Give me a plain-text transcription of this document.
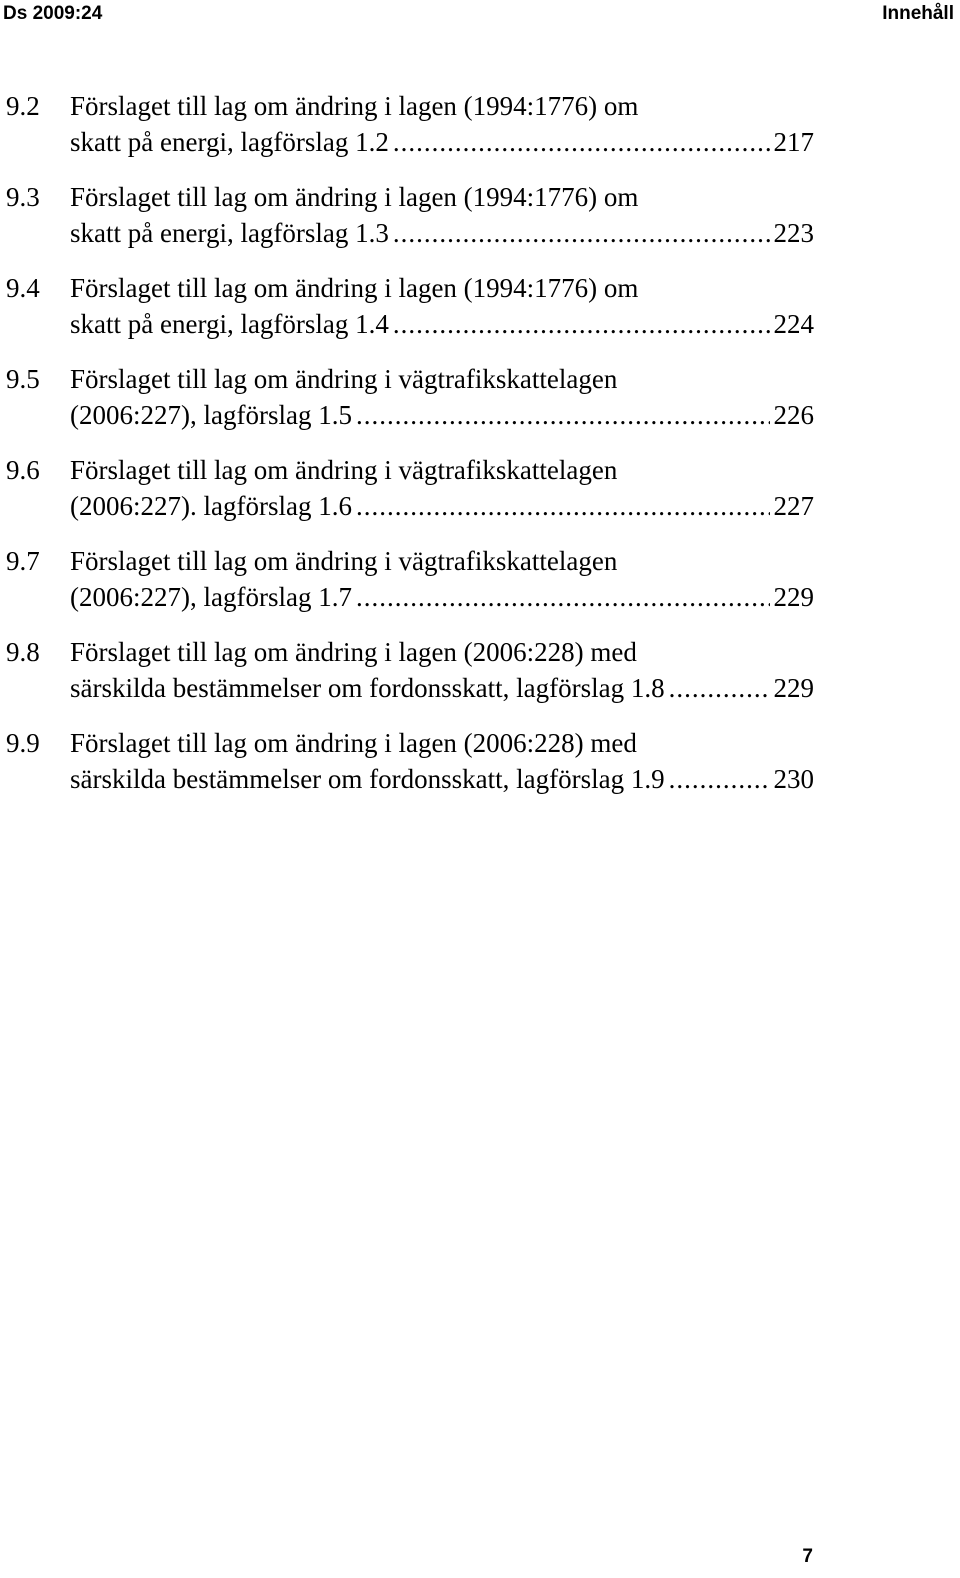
Ds 2009:24	Innehåll
9.2 Förslaget till lag om ändring i lagen (1994:1776) om
skatt på energi, lagförslag 1.2 .....	217
9.3 Förslaget till lag om ändring i lagen (1994:1776) om
skatt på energi, lagförslag 1.3 .....	223
9.4 Förslaget till lag om ändring i lagen (1994:1776) om
skatt på energi, lagförslag 1.4 .....	224
9.5 Förslaget till lag om ändring i vägtrafikskattelagen
(2006:227), lagförslag 1.5 .....	226
9.6 Förslaget till lag om ändring i vägtrafikskattelagen
(2006:227). lagförslag 1.6 .....	227
9.7 Förslaget till lag om ändring i vägtrafikskattelagen
(2006:227), lagförslag 1.7 .....	229
9.8 Förslaget till lag om ändring i lagen (2006:228) med
särskilda bestämmelser om fordonsskatt, lagförslag 1.8 .....	229
9.9 Förslaget till lag om ändring i lagen (2006:228) med
särskilda bestämmelser om fordonsskatt, lagförslag 1.9 .....	230
7
